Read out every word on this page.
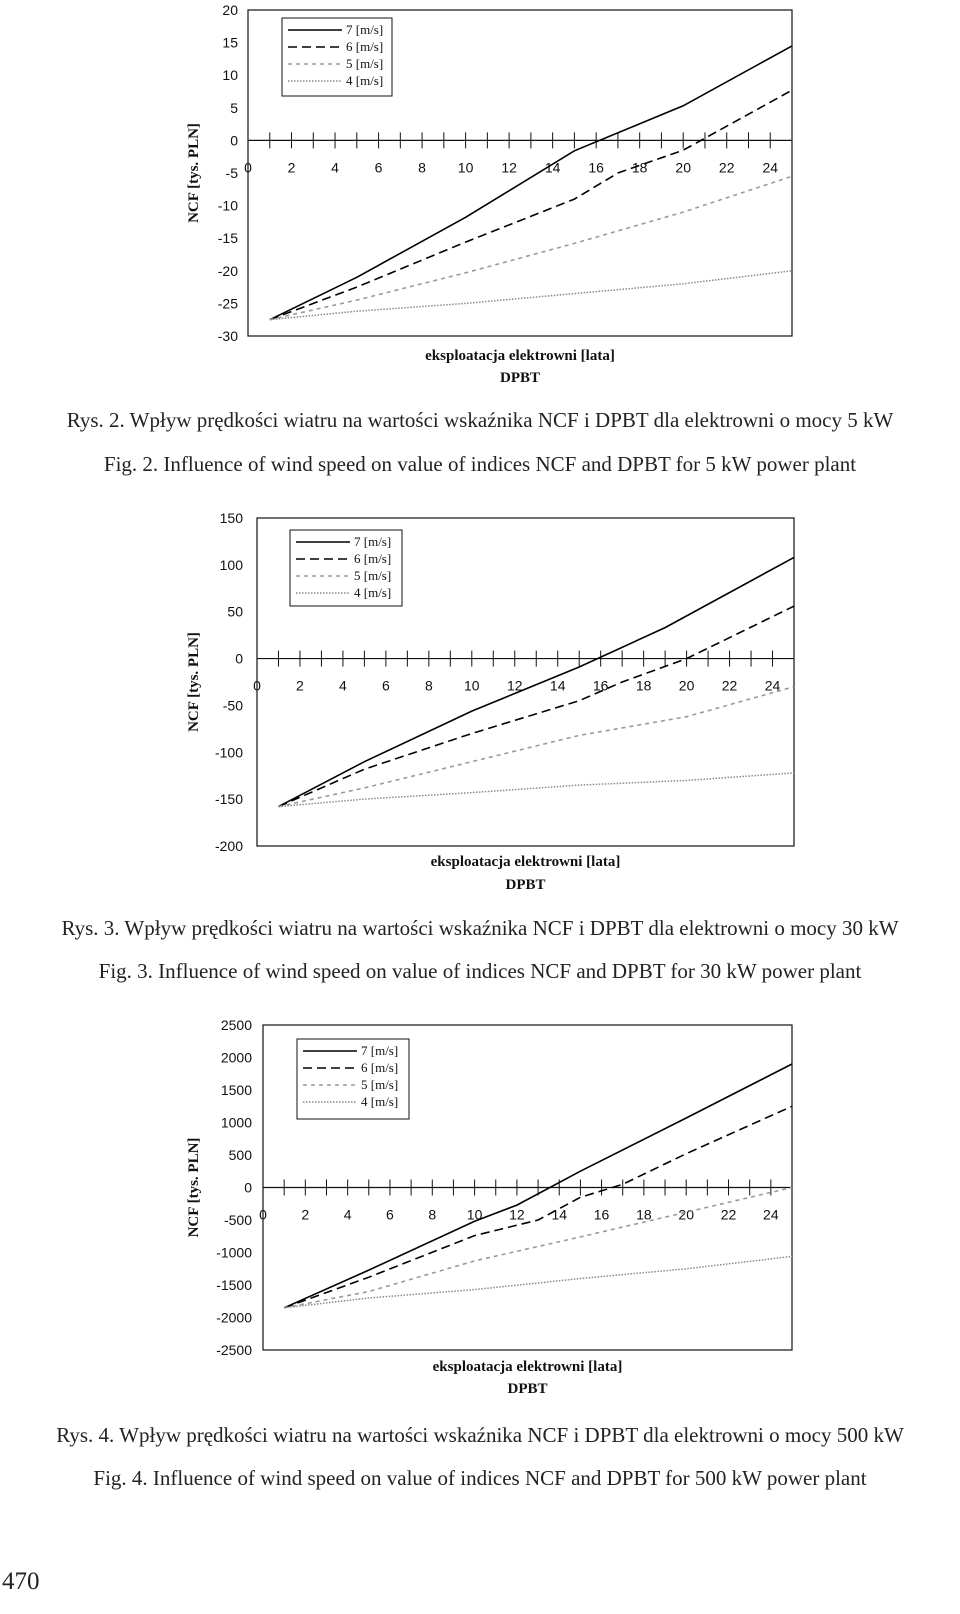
20
15
10
5
0
-5
-10
-15
-20
-25
-30
0	2	4	6	8 10 12 14 16 18 20 22 24
7 [m/s]
6 [m/s]
5 [m/s]
4 [m/s]
NCF [tys. PLN]
eksploatacja elektrowni [lata]
DPBT

Rys. 2. Wpływ prędkości wiatru na wartości wskaźnika NCF i DPBT dla elektrowni o mocy 5 kW

Fig. 2. Influence of wind speed on value of indices NCF and DPBT for 5 kW power plant

150
100
50
0
-50
-100
-150
-200
0	2	4	6	8 10 12 14 16 18 20 22 24
7 [m/s]
6 [m/s]
5 [m/s]
4 [m/s]
NCF [tys. PLN]
eksploatacja elektrowni [lata]
DPBT

Rys. 3. Wpływ prędkości wiatru na wartości wskaźnika NCF i DPBT dla elektrowni o mocy 30 kW

Fig. 3. Influence of wind speed on value of indices NCF and DPBT for 30 kW power plant

2500
2000
1500
1000
500
0
-500
-1000
-1500
-2000
-2500
0 2 4 6 8 10 12 14 16 18 20 22 24
7 [m/s]
6 [m/s]
5 [m/s]
4 [m/s]
NCF [tys. PLN]
eksploatacja elektrowni [lata]
DPBT

Rys. 4. Wpływ prędkości wiatru na wartości wskaźnika NCF i DPBT dla elektrowni o mocy 500 kW

Fig. 4. Influence of wind speed on value of indices NCF and DPBT for 500 kW power plant

470
